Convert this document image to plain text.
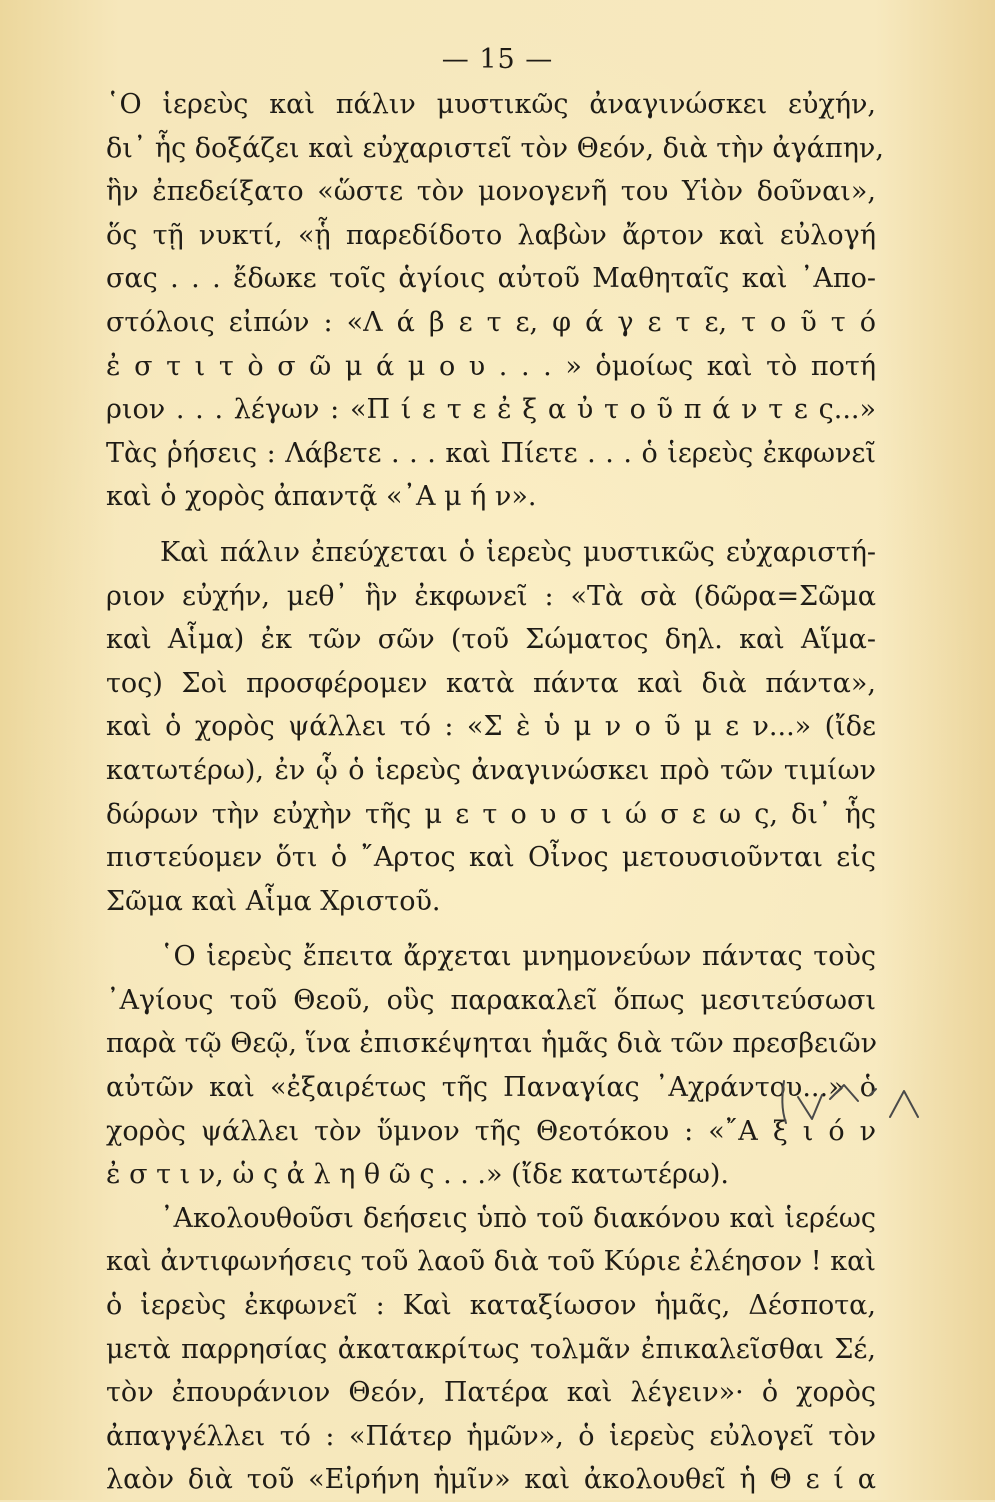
— 15 —
῾Ο ἱερεὺς καὶ πάλιν μυστικῶς ἀναγινώσκει εὐχήν,
δι᾽ ἧς δοξάζει καὶ εὐχαριστεῖ τὸν Θεόν, διὰ τὴν ἀγάπην,
ἣν ἐπεδείξατο «ὥστε τὸν μονογενῆ του Υἱὸν δοῦναι»,
ὅς τῇ νυκτί, «ᾗ παρεδίδοτο λαβὼν ἄρτον καὶ εὐλογή
σας . . . ἔδωκε τοῖς ἁγίοις αὐτοῦ Μαθηταῖς καὶ ᾿Απο-
στόλοις εἰπών : «Λ ά β ε τ ε, φ ά γ ε τ ε, τ ο ῦ τ ό
ἐ σ τ ι τ ὸ σ ῶ μ ά μ ο υ . . . » ὁμοίως καὶ τὸ ποτή
ριον . . . λέγων : «Π ί ε τ ε ἐ ξ α ὐ τ ο ῦ π ά ν τ ε ς...»
Τὰς ῥήσεις : Λάβετε . . . καὶ Πίετε . . . ὁ ἱερεὺς ἐκφωνεῖ
καὶ ὁ χορὸς ἀπαντᾷ «᾿Α μ ή ν».
Καὶ πάλιν ἐπεύχεται ὁ ἱερεὺς μυστικῶς εὐχαριστή-
ριον εὐχήν, μεθ᾽ ἣν ἐκφωνεῖ : «Τὰ σὰ (δῶρα=Σῶμα
καὶ Αἷμα) ἐκ τῶν σῶν (τοῦ Σώματος δηλ. καὶ Αἵμα-
τος) Σοὶ προσφέρομεν κατὰ πάντα καὶ διὰ πάντα»,
καὶ ὁ χορὸς ψάλλει τό : «Σ ὲ ὑ μ ν ο ῦ μ ε ν...» (ἴδε
κατωτέρω), ἐν ᾧ ὁ ἱερεὺς ἀναγινώσκει πρὸ τῶν τιμίων
δώρων τὴν εὐχὴν τῆς μ ε τ ο υ σ ι ώ σ ε ω ς, δι᾽ ἧς
πιστεύομεν ὅτι ὁ ῎Αρτος καὶ Οἶνος μετουσιοῦνται εἰς
Σῶμα καὶ Αἷμα Χριστοῦ.
῾Ο ἱερεὺς ἔπειτα ἄρχεται μνημονεύων πάντας τοὺς
᾿Αγίους τοῦ Θεοῦ, οὓς παρακαλεῖ ὅπως μεσιτεύσωσι
παρὰ τῷ Θεῷ, ἵνα ἐπισκέψηται ἡμᾶς διὰ τῶν πρεσβειῶν
αὐτῶν καὶ «ἐξαιρέτως τῆς Παναγίας ᾿Αχράντου...» ὁ
χορὸς ψάλλει τὸν ὕμνον τῆς Θεοτόκου : «῎Α ξ ι ό ν
ἐ σ τ ι ν, ὡ ς ἀ λ η θ ῶ ς . . .» (ἴδε κατωτέρω).
᾿Ακολουθοῦσι δεήσεις ὑπὸ τοῦ διακόνου καὶ ἱερέως
καὶ ἀντιφωνήσεις τοῦ λαοῦ διὰ τοῦ Κύριε ἐλέησον ! καὶ
ὁ ἱερεὺς ἐκφωνεῖ : Καὶ καταξίωσον ἡμᾶς, Δέσποτα,
μετὰ παρρησίας ἀκατακρίτως τολμᾶν ἐπικαλεῖσθαι Σέ,
τὸν ἐπουράνιον Θεόν, Πατέρα καὶ λέγειν»· ὁ χορὸς
ἀπαγγέλλει τό : «Πάτερ ἡμῶν», ὁ ἱερεὺς εὐλογεῖ τὸν
λαὸν διὰ τοῦ «Εἰρήνη ἡμῖν» καὶ ἀκολουθεῖ ἡ Θ ε ί α
